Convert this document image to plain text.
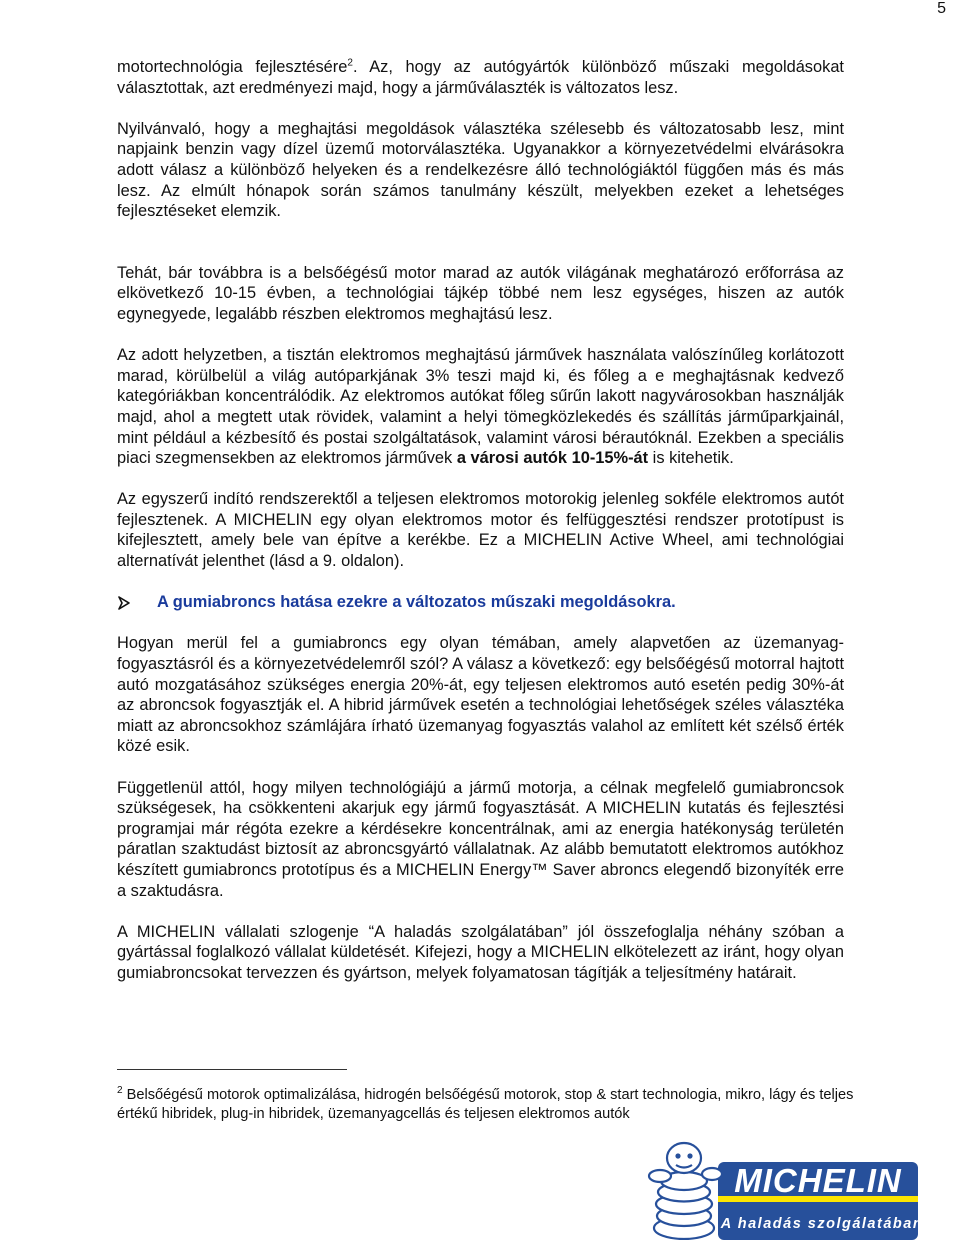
5

motortechnológia fejlesztésére$^2$. Az, hogy az autógyártók különböző műszaki megoldásokat választottak, azt eredményezi majd, hogy a járműválaszték is változatos lesz.

Nyilvánvaló, hogy a meghajtási megoldások választéka szélesebb és változatosabb lesz, mint napjaink benzin vagy dízel üzemű motorválasztéka. Ugyanakkor a környezetvédelmi elvárásokra adott válasz a különböző helyeken és a rendelkezésre álló technológiáktól függően más és más lesz. Az elmúlt hónapok során számos tanulmány készült, melyekben ezeket a lehetséges fejlesztéseket elemzik.

Tehát, bár továbbra is a belsőégésű motor marad az autók világának meghatározó erőforrása az elkövetkező 10-15 évben, a technológiai tájkép többé nem lesz egységes, hiszen az autók egynegyede, legalább részben elektromos meghajtású lesz.

Az adott helyzetben, a tisztán elektromos meghajtású járművek használata valószínűleg korlátozott marad, körülbelül a világ autóparkjának 3% teszi majd ki, és főleg a e meghajtásnak kedvező kategóriákban koncentrálódik. Az elektromos autókat főleg sűrűn lakott nagyvárosokban használják majd, ahol a megtett utak rövidek, valamint a helyi tömegközlekedés és szállítás járműparkjainál, mint például a kézbesítő és postai szolgáltatások, valamint városi bérautóknál. Ezekben a speciális piaci szegmensekben az elektromos járművek a városi autók 10-15%-át is kitehetik.

Az egyszerű indító rendszerektől a teljesen elektromos motorokig jelenleg sokféle elektromos autót fejlesztenek. A MICHELIN egy olyan elektromos motor és felfüggesztési rendszer prototípust is kifejlesztett, amely bele van építve a kerékbe. Ez a MICHELIN Active Wheel, ami technológiai alternatívát jelenthet (lásd a 9. oldalon).

A gumiabroncs hatása ezekre a változatos műszaki megoldásokra.

Hogyan merül fel a gumiabroncs egy olyan témában, amely alapvetően az üzemanyag-fogyasztásról és a környezetvédelemről szól? A válasz a következő: egy belsőégésű motorral hajtott autó mozgatásához szükséges energia 20%-át, egy teljesen elektromos autó esetén pedig 30%-át az abroncsok fogyasztják el. A hibrid járművek esetén a technológiai lehetőségek széles választéka miatt az abroncsokhoz számlájára írható üzemanyag fogyasztás valahol az említett két szélső érték közé esik.

Függetlenül attól, hogy milyen technológiájú a jármű motorja, a célnak megfelelő gumiabroncsok szükségesek, ha csökkenteni akarjuk egy jármű fogyasztását. A MICHELIN kutatás és fejlesztési programjai már régóta ezekre a kérdésekre koncentrálnak, ami az energia hatékonyság területén páratlan szaktudást biztosít az abroncsgyártó vállalatnak. Az alább bemutatott elektromos autókhoz készített gumiabroncs prototípus és a MICHELIN Energy™ Saver abroncs elegendő bizonyíték erre a szaktudásra.

A MICHELIN vállalati szlogenje “A haladás szolgálatában” jól összefoglalja néhány szóban a gyártással foglalkozó vállalat küldetését. Kifejezi, hogy a MICHELIN elkötelezett az iránt, hogy olyan gumiabroncsokat tervezzen és gyártson, melyek folyamatosan tágítják a teljesítmény határait.

$^2$ Belsőégésű motorok optimalizálása, hidrogén belsőégésű motorok, stop & start technologia, mikro, lágy és teljes értékű hibridek, plug-in hibridek, üzemanyagcellás és teljesen elektromos autók
MICHELIN
A haladás szolgálatában
